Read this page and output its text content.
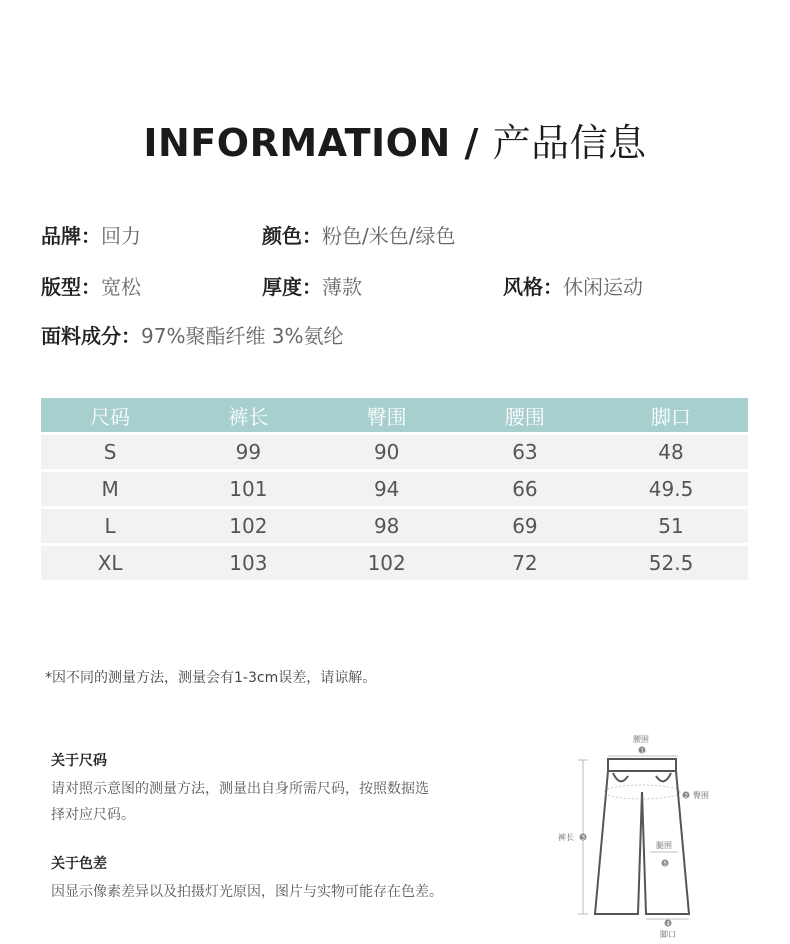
INFORMATION / 产品信息
品牌：回力	颜色：粉色/米色/绿色
版型：宽松	厚度：薄款	风格：休闲运动
面料成分：97%聚酯纤维 3%氨纶
尺码	裤长	臀围	腰围	脚口
S	99	90	63	48
M	101	94	66	49.5
L	102	98	69	51
XL	103	102	72	52.5
*因不同的测量方法，测量会有1-3cm误差，请谅解。
关于尺码
请对照示意图的测量方法，测量出自身所需尺码，按照数据选
择对应尺码。
关于色差
因显示像素差异以及拍摄灯光原因，图片与实物可能存在色差。
腰围
1
2 臀围
裤长 3
腿围
5
4
脚口
